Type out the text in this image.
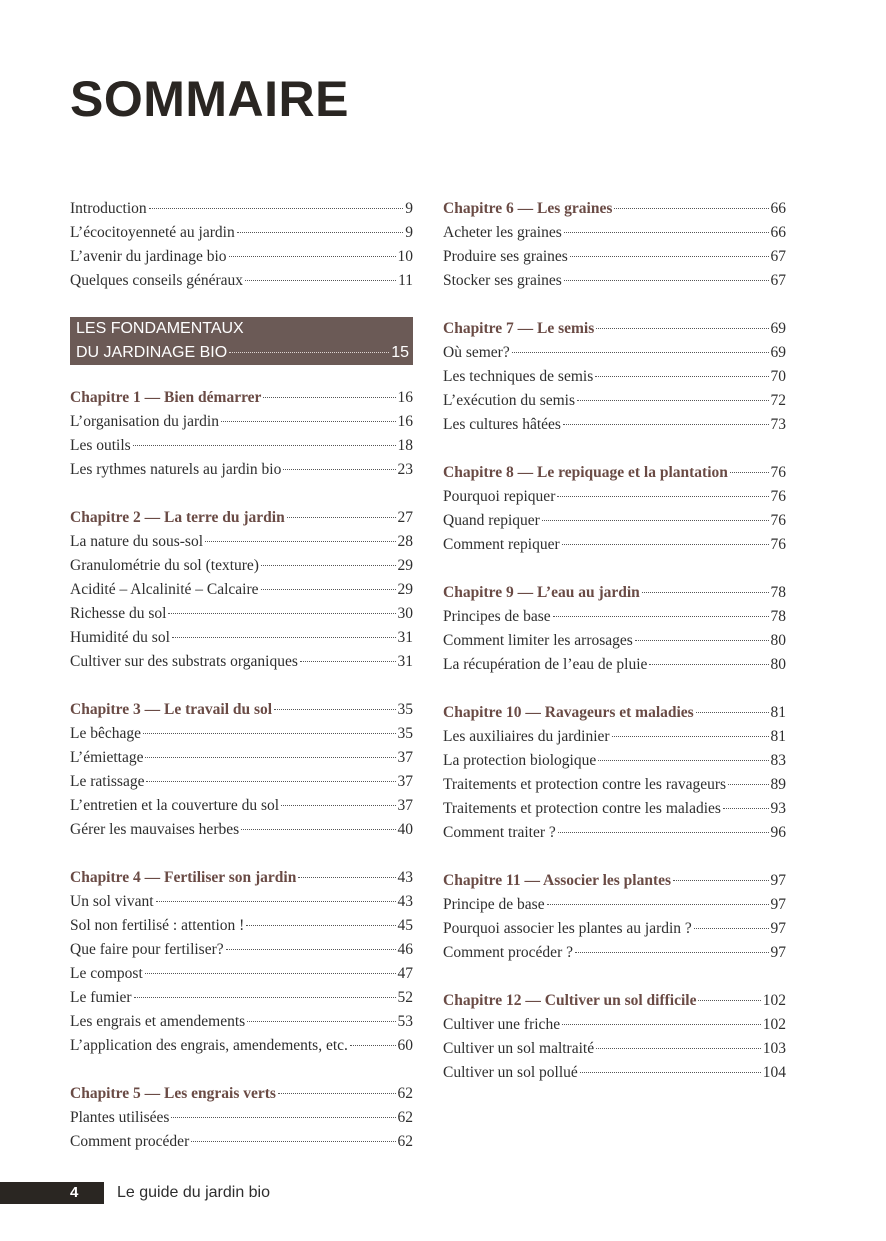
SOMMAIRE
Introduction	9
L’écocitoyenneté au jardin	9
L’avenir du jardinage bio	10
Quelques conseils généraux	11
LES FONDAMENTAUX
DU JARDINAGE BIO	15
Chapitre 1 — Bien démarrer	16
L’organisation du jardin	16
Les outils	18
Les rythmes naturels au jardin bio	23
Chapitre 2 — La terre du jardin	27
La nature du sous-sol	28
Granulométrie du sol (texture)	29
Acidité – Alcalinité – Calcaire	29
Richesse du sol	30
Humidité du sol	31
Cultiver sur des substrats organiques	31
Chapitre 3 — Le travail du sol	35
Le bêchage	35
L’émiettage	37
Le ratissage	37
L’entretien et la couverture du sol	37
Gérer les mauvaises herbes	40
Chapitre 4 — Fertiliser son jardin	43
Un sol vivant	43
Sol non fertilisé : attention !	45
Que faire pour fertiliser?	46
Le compost	47
Le fumier	52
Les engrais et amendements	53
L’application des engrais, amendements, etc.	60
Chapitre 5 — Les engrais verts	62
Plantes utilisées	62
Comment procéder	62
Chapitre 6 — Les graines	66
Acheter les graines	66
Produire ses graines	67
Stocker ses graines	67
Chapitre 7 — Le semis	69
Où semer?	69
Les techniques de semis	70
L’exécution du semis	72
Les cultures hâtées	73
Chapitre 8 — Le repiquage et la plantation	76
Pourquoi repiquer	76
Quand repiquer	76
Comment repiquer	76
Chapitre 9 — L’eau au jardin	78
Principes de base	78
Comment limiter les arrosages	80
La récupération de l’eau de pluie	80
Chapitre 10 — Ravageurs et maladies	81
Les auxiliaires du jardinier	81
La protection biologique	83
Traitements et protection contre les ravageurs	89
Traitements et protection contre les maladies	93
Comment traiter ?	96
Chapitre 11 — Associer les plantes	97
Principe de base	97
Pourquoi associer les plantes au jardin ?	97
Comment procéder ?	97
Chapitre 12 — Cultiver un sol difficile	102
Cultiver une friche	102
Cultiver un sol maltraité	103
Cultiver un sol pollué	104
4 Le guide du jardin bio
